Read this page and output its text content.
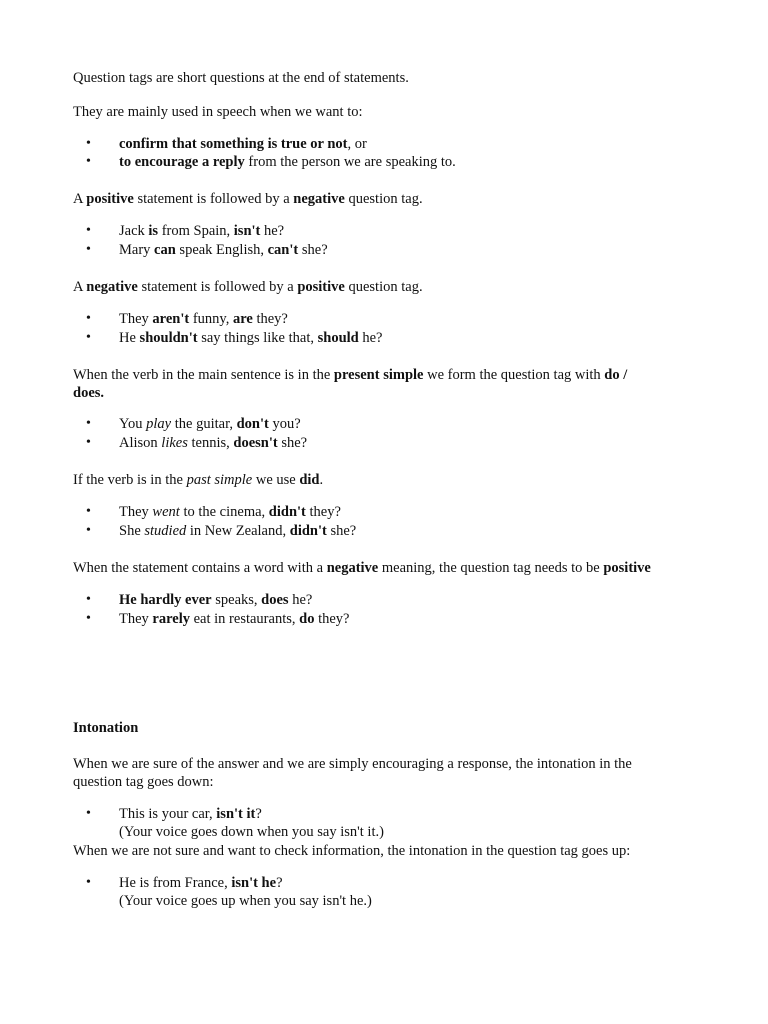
Question tags are short questions at the end of statements.
They are mainly used in speech when we want to:
• confirm that something is true or not, or
• to encourage a reply from the person we are speaking to.
A positive statement is followed by a negative question tag.
• Jack is from Spain, isn't he?
• Mary can speak English, can't she?
A negative statement is followed by a positive question tag.
• They aren't funny, are they?
• He shouldn't say things like that, should he?
When the verb in the main sentence is in the present simple we form the question tag with do /
does.
• You play the guitar, don't you?
• Alison likes tennis, doesn't she?
If the verb is in the past simple we use did.
• They went to the cinema, didn't they?
• She studied in New Zealand, didn't she?
When the statement contains a word with a negative meaning, the question tag needs to be positive
• He hardly ever speaks, does he?
• They rarely eat in restaurants, do they?
Intonation
When we are sure of the answer and we are simply encouraging a response, the intonation in the
question tag goes down:
• This is your car, isn't it?
(Your voice goes down when you say isn't it.)
When we are not sure and want to check information, the intonation in the question tag goes up:
• He is from France, isn't he?
(Your voice goes up when you say isn't he.)
